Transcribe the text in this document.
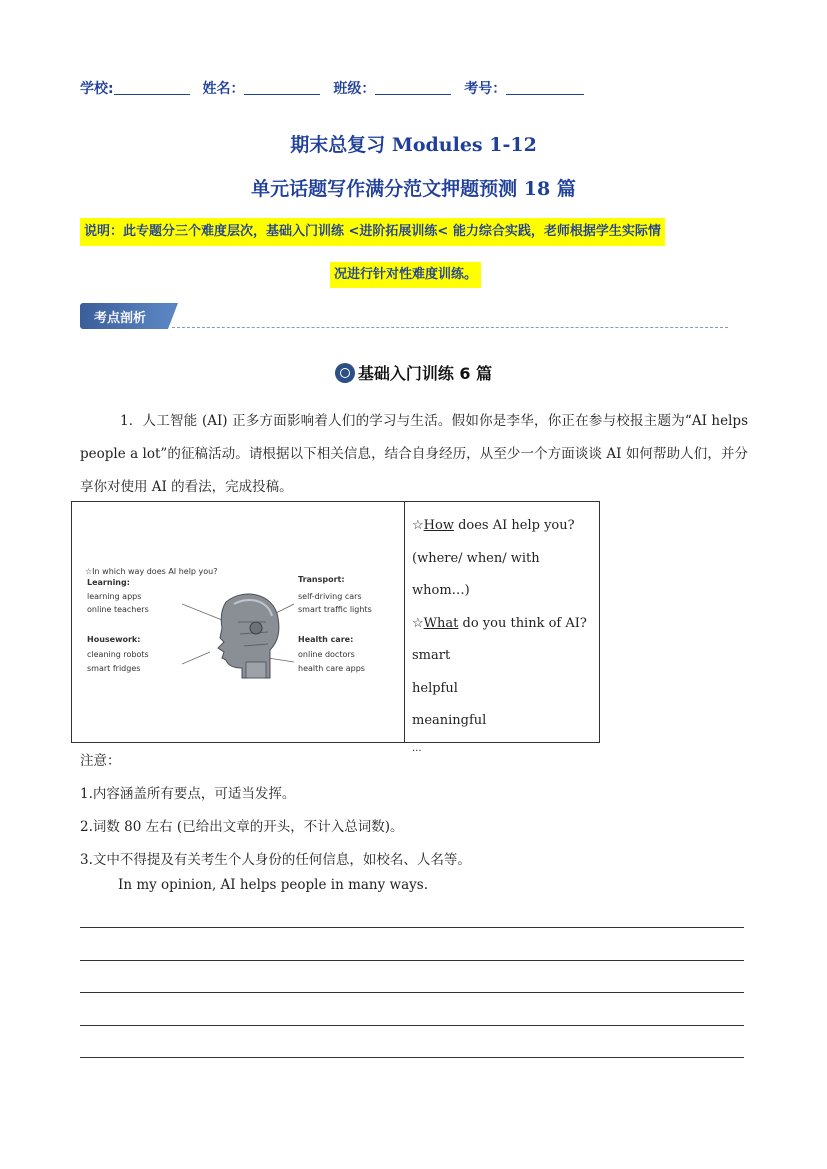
学校:	姓名：	班级：	考号：
期末总复习 Modules 1-12
单元话题写作满分范文押题预测 18 篇
说明：此专题分三个难度层次，基础入门训练 <进阶拓展训练< 能力综合实践，老师根据学生实际情
况进行针对性难度训练。
考点剖析
基础入门训练 6 篇
1．人工智能 (AI) 正多方面影响着人们的学习与生活。假如你是李华，你正在参与校报主题为“AI helps people a lot”的征稿活动。请根据以下相关信息，结合自身经历，从至少一个方面谈谈 AI 如何帮助人们，并分享你对使用 AI 的看法，完成投稿。
☆In which way does AI help you?
Learning:
learning apps
online teachers
Housework:
cleaning robots
smart fridges
Transport:
self-driving cars
smart traffic lights
Health care:
online doctors
health care apps
☆How does AI help you?
(where/ when/ with whom…)
☆What do you think of AI?
smart
helpful
meaningful
...
注意：
1.内容涵盖所有要点，可适当发挥。
2.词数 80 左右 (已给出文章的开头，不计入总词数)。
3.文中不得提及有关考生个人身份的任何信息，如校名、人名等。
In my opinion, AI helps people in many ways.
